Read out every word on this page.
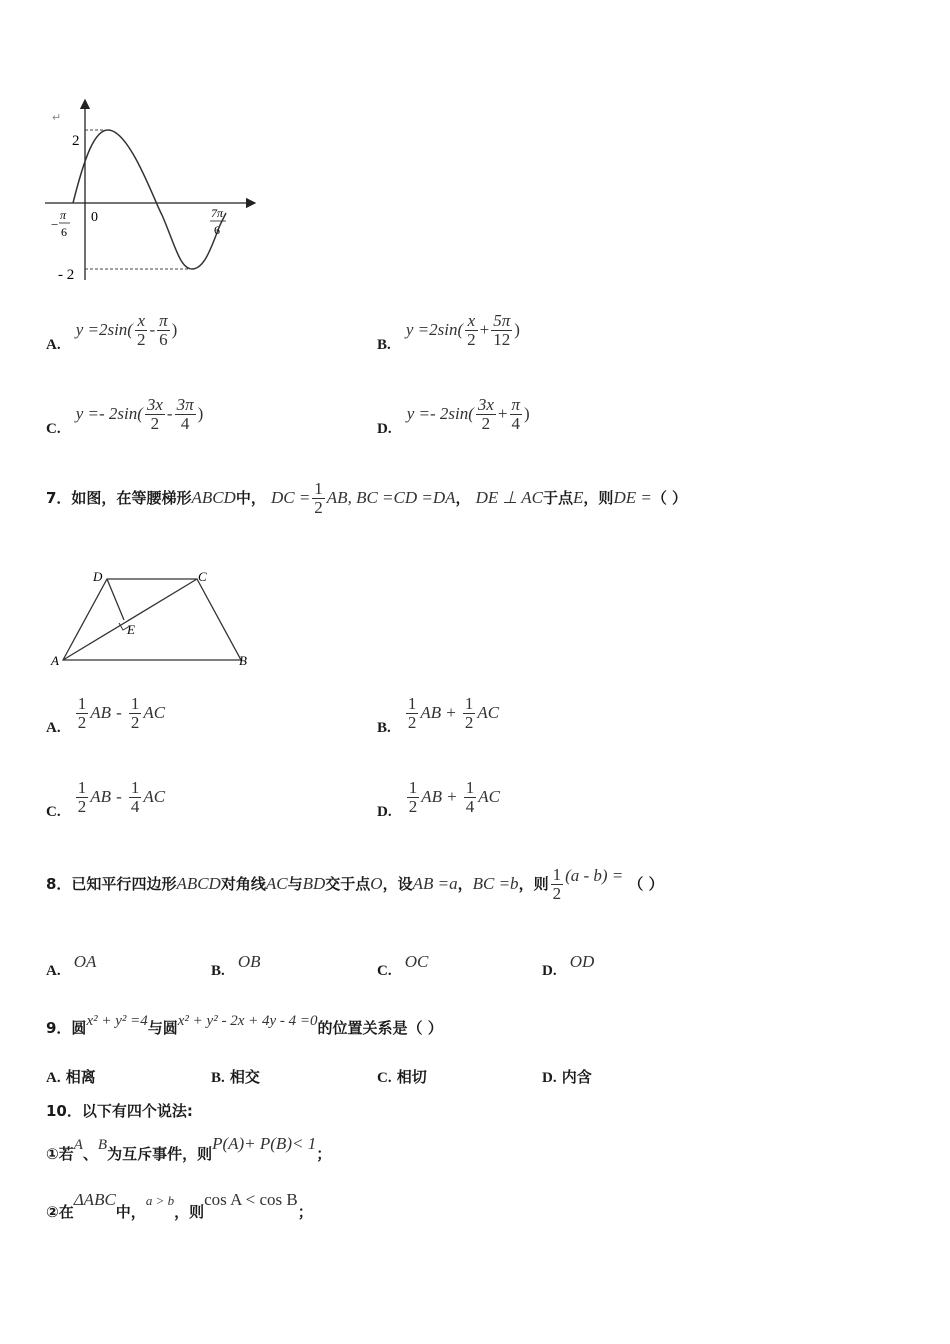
2
↵
- 2
0
−
π
6
7π
6
A. $y =2\sin( \frac{x}{2} - \frac{\pi}{6}$ )
B. $y =2\sin( \frac{x}{2} + \frac{5\pi}{12}$ )
C. $y =- 2\sin( \frac{3x}{2} - \frac{3\pi}{4}$ )
D. $y =- 2\sin( \frac{3x}{2} + \frac{\pi}{4}$ )
7．如图，在等腰梯形ABCD中， DC = $\frac{1}{2}$ AB, BC =CD =DA， DE ⊥ AC于点E，则DE =（ ）
D	C
E
A	B
A. $\frac{1}{2}$ AB - $\frac{1}{2}$ AC
B. $\frac{1}{2}$ AB + $\frac{1}{2}$ AC
C. $\frac{1}{2}$ AB - $\frac{1}{4}$ AC
D. $\frac{1}{2}$ AB + $\frac{1}{4}$ AC
8．已知平行四边形ABCD对角线AC与BD交于点O，设AB =a，BC =b，则 $\frac{1}{2} (a - b)$ = （ ）
A. OA	B. OB	C. OC	D. OD
9．圆x² + y² =4与圆x² + y² - 2x + 4y - 4 =0的位置关系是（ ）
A. 相离	B. 相交	C. 相切	D. 内含
10．以下有四个说法:
①若A、B为互斥事件，则P(A)+ P(B)< 1；
②在ΔABC中，a > b，则cos A < cos B；
